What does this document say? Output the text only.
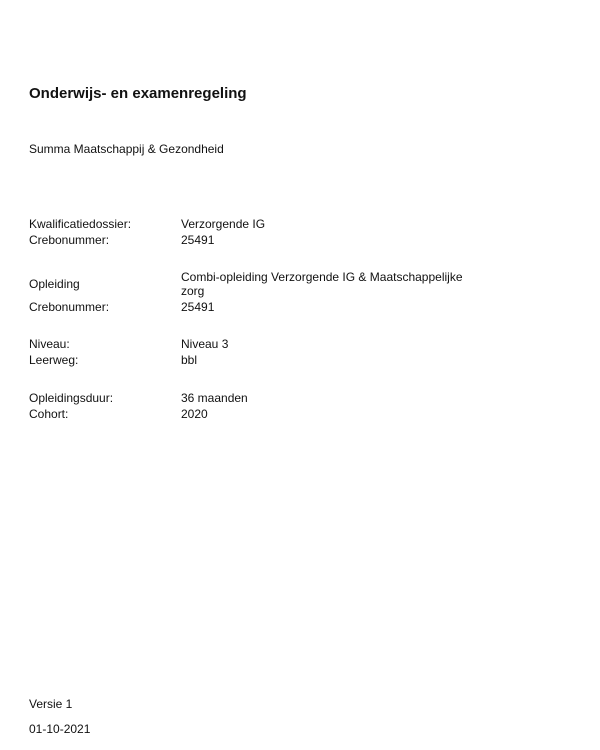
Onderwijs- en examenregeling
Summa Maatschappij & Gezondheid
Kwalificatiedossier:	Verzorgende IG
Crebonummer:	25491
Opleiding	Combi-opleiding Verzorgende IG & Maatschappelijke zorg
Crebonummer:	25491
Niveau:	Niveau 3
Leerweg:	bbl
Opleidingsduur:	36 maanden
Cohort:	2020
Versie 1
01-10-2021
